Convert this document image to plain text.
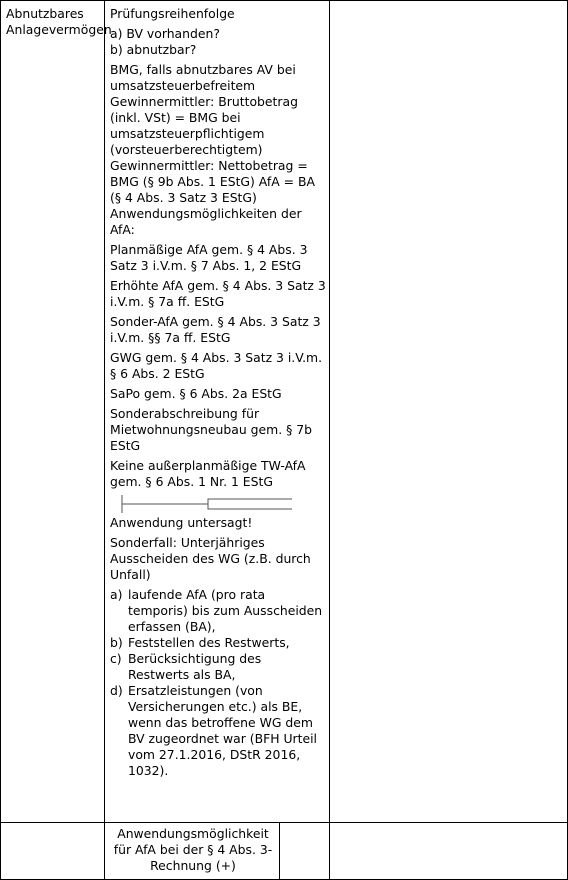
Abnutzbares Anlagevermögen

Prüfungsreihenfolge

a) BV vorhanden?

b) abnutzbar?

BMG, falls abnutzbares AV bei umsatzsteuerbefreitem Gewinnermittler: Bruttobetrag (inkl. VSt) = BMG bei umsatzsteuerpflichtigem (vorsteuerberechtigtem) Gewinnermittler: Nettobetrag = BMG (§ 9b Abs. 1 EStG) AfA = BA (§ 4 Abs. 3 Satz 3 EStG) Anwendungsmöglichkeiten der AfA:

Planmäßige AfA gem. § 4 Abs. 3 Satz 3 i.V.m. § 7 Abs. 1, 2 EStG

Erhöhte AfA gem. § 4 Abs. 3 Satz 3 i.V.m. § 7a ff. EStG

Sonder-AfA gem. § 4 Abs. 3 Satz 3 i.V.m. §§ 7a ff. EStG

GWG gem. § 4 Abs. 3 Satz 3 i.V.m. § 6 Abs. 2 EStG

SaPo gem. § 6 Abs. 2a EStG

Sonderabschreibung für Mietwohnungsneubau gem. § 7b EStG

Keine außerplanmäßige TW-AfA gem. § 6 Abs. 1 Nr. 1 EStG

Anwendung untersagt!

Sonderfall: Unterjähriges Ausscheiden des WG (z.B. durch Unfall)

a) laufende AfA (pro rata temporis) bis zum Ausscheiden erfassen (BA),
b) Feststellen des Restwerts,
c) Berücksichtigung des Restwerts als BA,
d) Ersatzleistungen (von Versicherungen etc.) als BE, wenn das betroffene WG dem BV zugeordnet war (BFH Urteil vom 27.1.2016, DStR 2016, 1032).
Anwendungsmöglichkeit für AfA bei der § 4 Abs. 3-Rechnung (+)
